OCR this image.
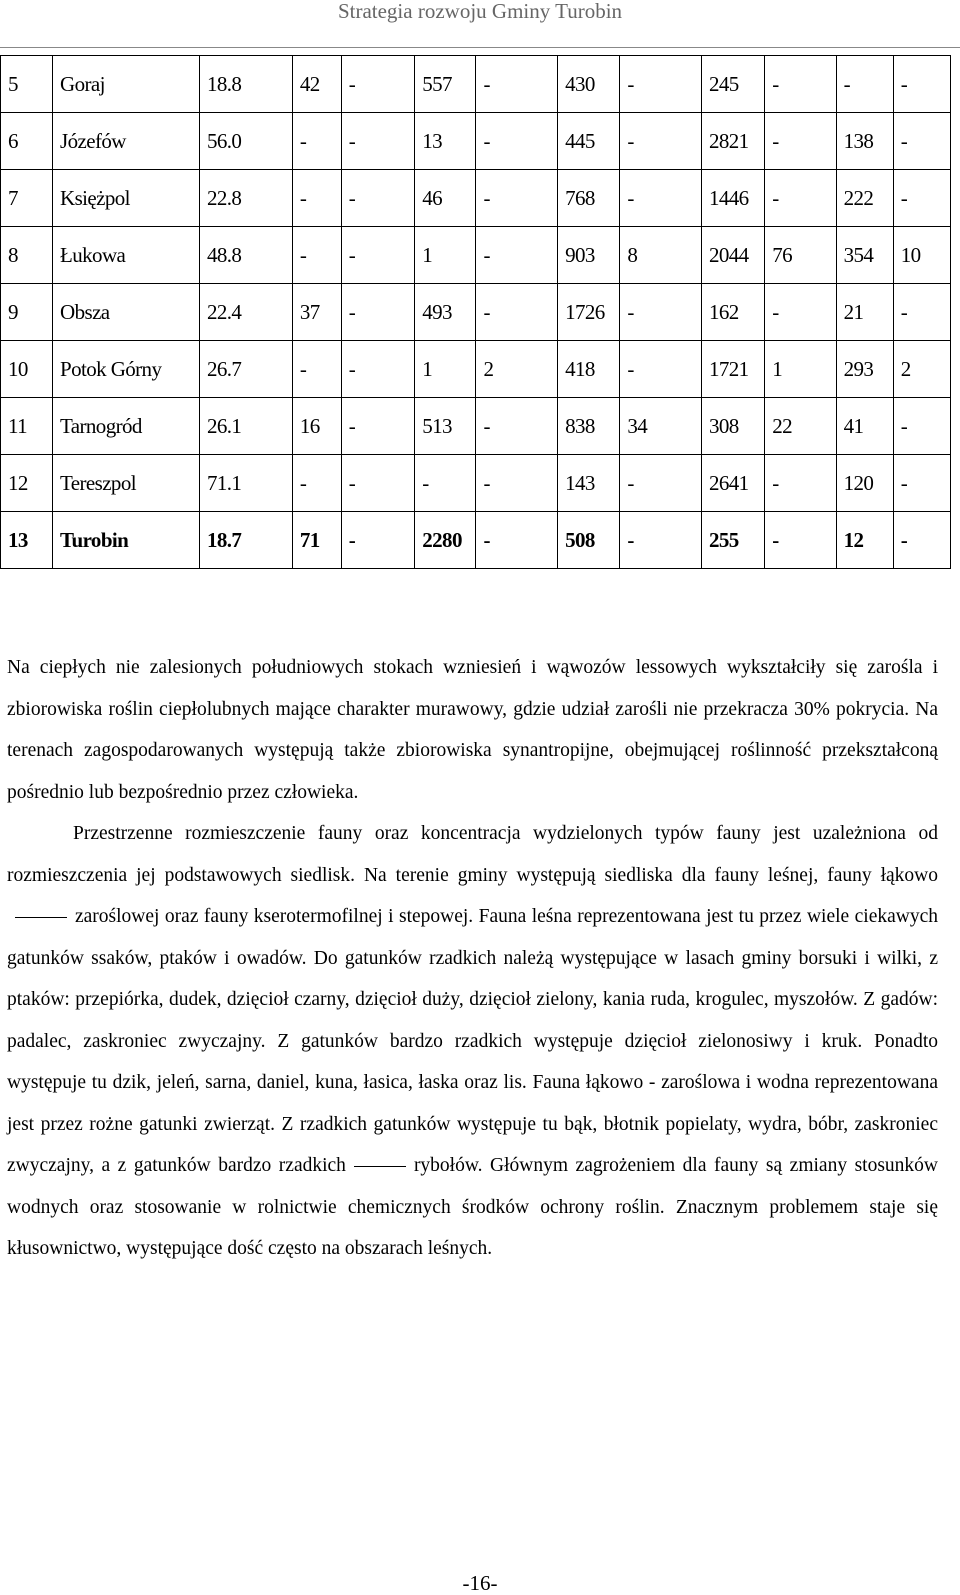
Strategia rozwoju Gminy Turobin
5	Goraj	18.8	42	-	557	-	430	-	245	-	-	-
6	Józefów	56.0	-	-	13	-	445	-	2821	-	138	-
7	Księżpol	22.8	-	-	46	-	768	-	1446	-	222	-
8	Łukowa	48.8	-	-	1	-	903	8	2044	76	354	10
9	Obsza	22.4	37	-	493	-	1726	-	162	-	21	-
10	Potok Górny	26.7	-	-	1	2	418	-	1721	1	293	2
11	Tarnogród	26.1	16	-	513	-	838	34	308	22	41	-
12	Tereszpol	71.1	-	-	-	-	143	-	2641	-	120	-
13	Turobin	18.7	71	-	2280	-	508	-	255	-	12	-

Na ciepłych nie zalesionych południowych stokach wzniesień i wąwozów lessowych wykształciły się zarośla i zbiorowiska roślin ciepłolubnych mające charakter murawowy, gdzie udział zarośli nie przekracza 30% pokrycia. Na terenach zagospodarowanych występują także zbiorowiska synantropijne, obejmującej roślinność przekształconą pośrednio lub bezpośrednio przez człowieka.

Przestrzenne rozmieszczenie fauny oraz koncentracja wydzielonych typów fauny jest uzależniona od rozmieszczenia jej podstawowych siedlisk. Na terenie gminy występują siedliska dla fauny leśnej, fauny łąkowozaroślowej oraz fauny kserotermofilnej i stepowej. Fauna leśna reprezentowana jest tu przez wiele ciekawych gatunków ssaków, ptaków i owadów. Do gatunków rzadkich należą występujące w lasach gminy borsuki i wilki, z ptaków: przepiórka, dudek, dzięcioł czarny, dzięcioł duży, dzięcioł zielony, kania ruda, krogulec, myszołów. Z gadów: padalec, zaskroniec zwyczajny. Z gatunków bardzo rzadkich występuje dzięcioł zielonosiwy i kruk. Ponadto występuje tu dzik, jeleń, sarna, daniel, kuna, łasica, łaska oraz lis. Fauna łąkowo - zaroślowa i wodna reprezentowana jest przez rożne gatunki zwierząt. Z rzadkich gatunków występuje tu bąk, błotnik popielaty, wydra, bóbr, zaskroniec zwyczajny, a z gatunków bardzo rzadkich	rybołów. Głównym zagrożeniem dla fauny są zmiany stosunków wodnych oraz stosowanie w rolnictwie chemicznych środków ochrony roślin. Znacznym problemem staje się kłusownictwo, występujące dość często na obszarach leśnych.

-16-
